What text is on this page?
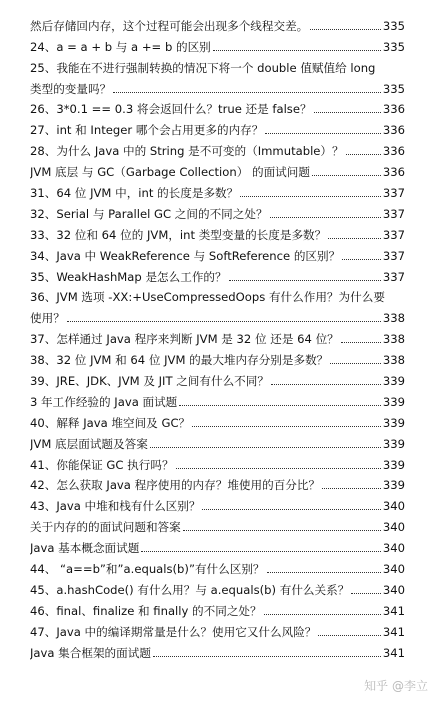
然后存储回内存，这个过程可能会出现多个线程交差。	335
24、a = a + b 与 a += b 的区别	335
25、我能在不进行强制转换的情况下将一个 double 值赋值给 long
类型的变量吗？	335
26、3*0.1 == 0.3 将会返回什么？true 还是 false？	336
27、int 和 Integer 哪个会占用更多的内存？	336
28、为什么 Java 中的 String 是不可变的（Immutable）？	336
JVM 底层 与 GC（Garbage Collection） 的面试问题	336
31、64 位 JVM 中，int 的长度是多数？	337
32、Serial 与 Parallel GC 之间的不同之处？	337
33、32 位和 64 位的 JVM，int 类型变量的长度是多数？	337
34、Java 中 WeakReference 与 SoftReference 的区别？	337
35、WeakHashMap 是怎么工作的？	337
36、JVM 选项 -XX:+UseCompressedOops 有什么作用？为什么要
使用？	338
37、怎样通过 Java 程序来判断 JVM 是 32 位 还是 64 位？	338
38、32 位 JVM 和 64 位 JVM 的最大堆内存分别是多数？	338
39、JRE、JDK、JVM 及 JIT 之间有什么不同？	339
3 年工作经验的 Java 面试题	339
40、解释 Java 堆空间及 GC？	339
JVM 底层面试题及答案	339
41、你能保证 GC 执行吗？	339
42、怎么获取 Java 程序使用的内存？堆使用的百分比？	339
43、Java 中堆和栈有什么区别？	340
关于内存的的面试问题和答案	340
Java 基本概念面试题	340
44、 “a==b”和”a.equals(b)”有什么区别？	340
45、a.hashCode() 有什么用？与 a.equals(b) 有什么关系？	340
46、final、finalize 和 finally 的不同之处？	341
47、Java 中的编译期常量是什么？使用它又什么风险？	341
Java 集合框架的面试题	341
知乎 @李立
